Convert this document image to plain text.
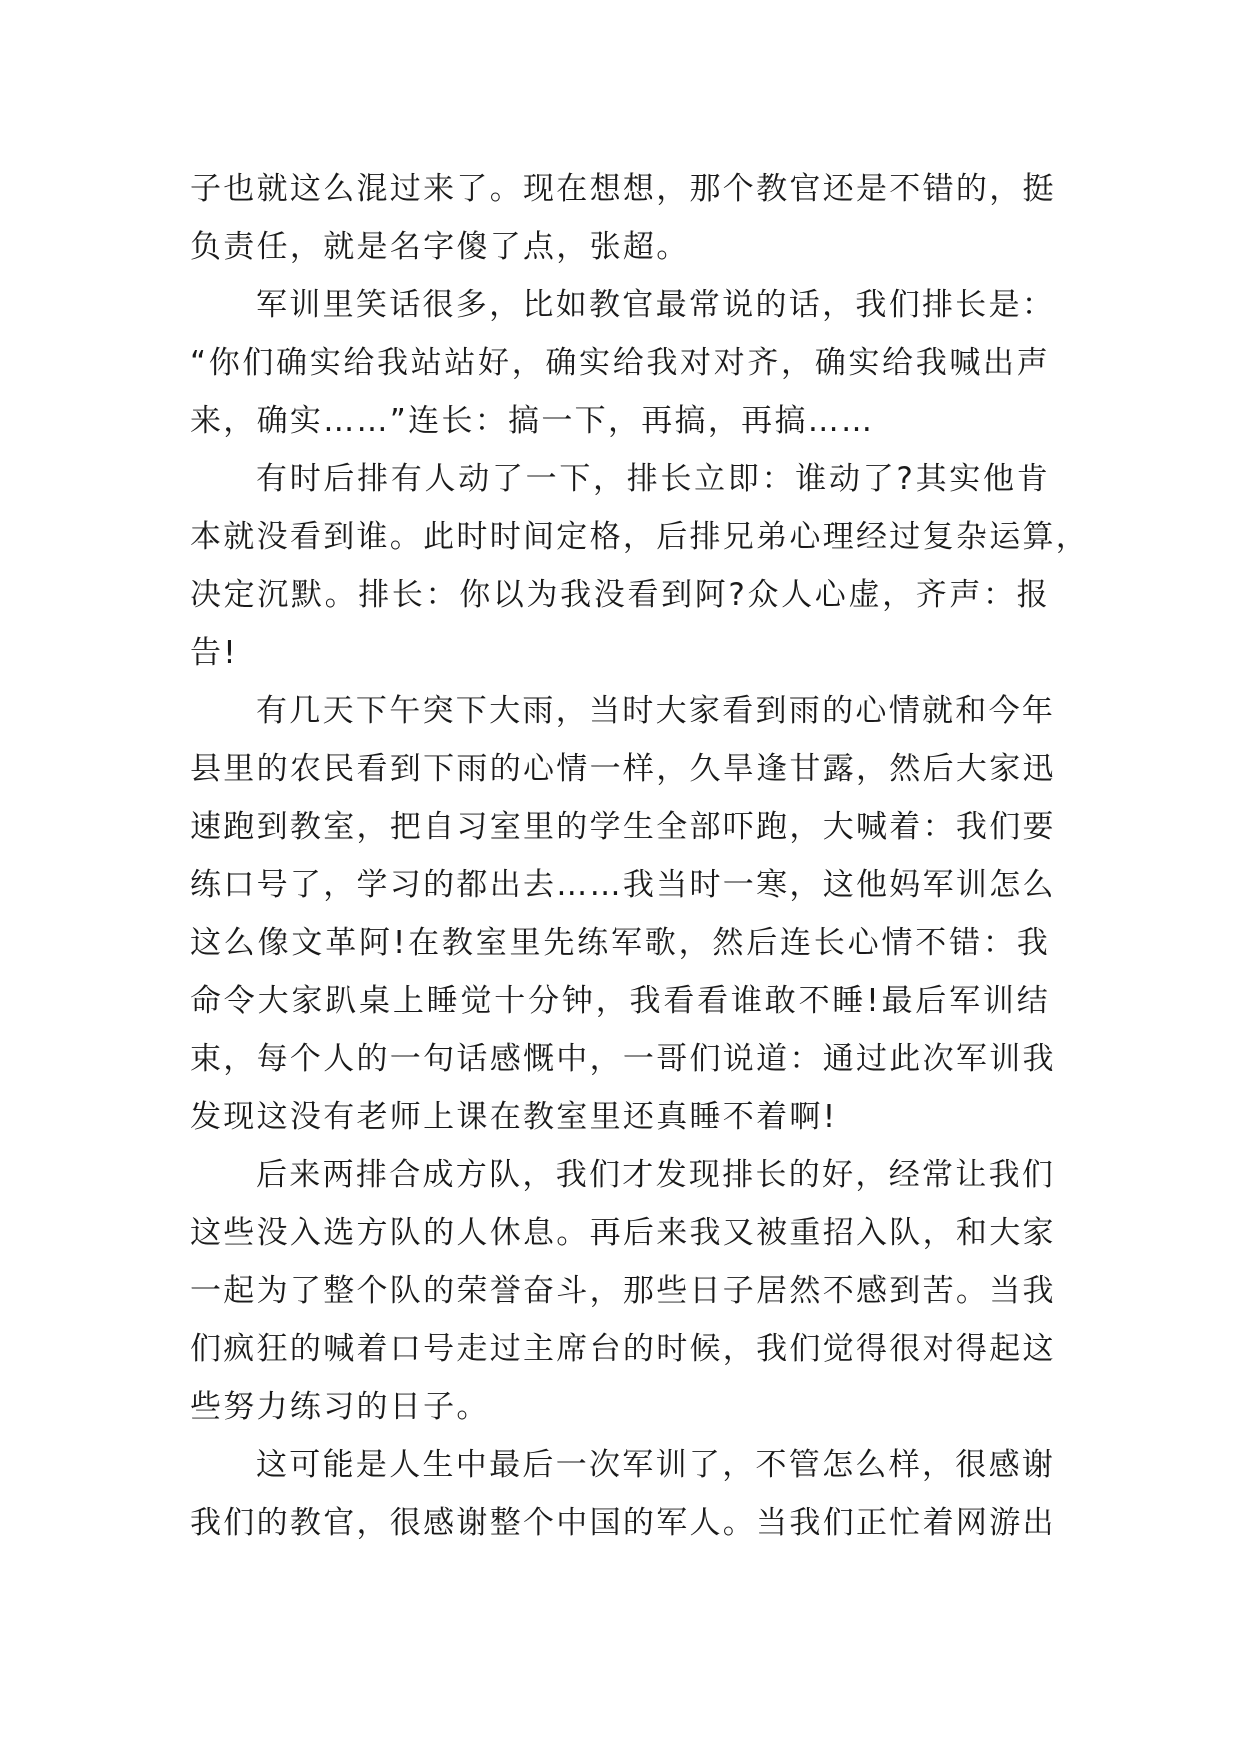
子也就这么混过来了。现在想想，那个教官还是不错的，挺
负责任，就是名字傻了点，张超。
军训里笑话很多，比如教官最常说的话，我们排长是：
“你们确实给我站站好，确实给我对对齐，确实给我喊出声
来，确实……”连长：搞一下，再搞，再搞……
有时后排有人动了一下，排长立即：谁动了?其实他肯
本就没看到谁。此时时间定格，后排兄弟心理经过复杂运算，
决定沉默。排长：你以为我没看到阿?众人心虚，齐声：报
告!
有几天下午突下大雨，当时大家看到雨的心情就和今年
县里的农民看到下雨的心情一样，久旱逢甘露，然后大家迅
速跑到教室，把自习室里的学生全部吓跑，大喊着：我们要
练口号了，学习的都出去……我当时一寒，这他妈军训怎么
这么像文革阿!在教室里先练军歌，然后连长心情不错：我
命令大家趴桌上睡觉十分钟，我看看谁敢不睡!最后军训结
束，每个人的一句话感慨中，一哥们说道：通过此次军训我
发现这没有老师上课在教室里还真睡不着啊!
后来两排合成方队，我们才发现排长的好，经常让我们
这些没入选方队的人休息。再后来我又被重招入队，和大家
一起为了整个队的荣誉奋斗，那些日子居然不感到苦。当我
们疯狂的喊着口号走过主席台的时候，我们觉得很对得起这
些努力练习的日子。
这可能是人生中最后一次军训了，不管怎么样，很感谢
我们的教官，很感谢整个中国的军人。当我们正忙着网游出
